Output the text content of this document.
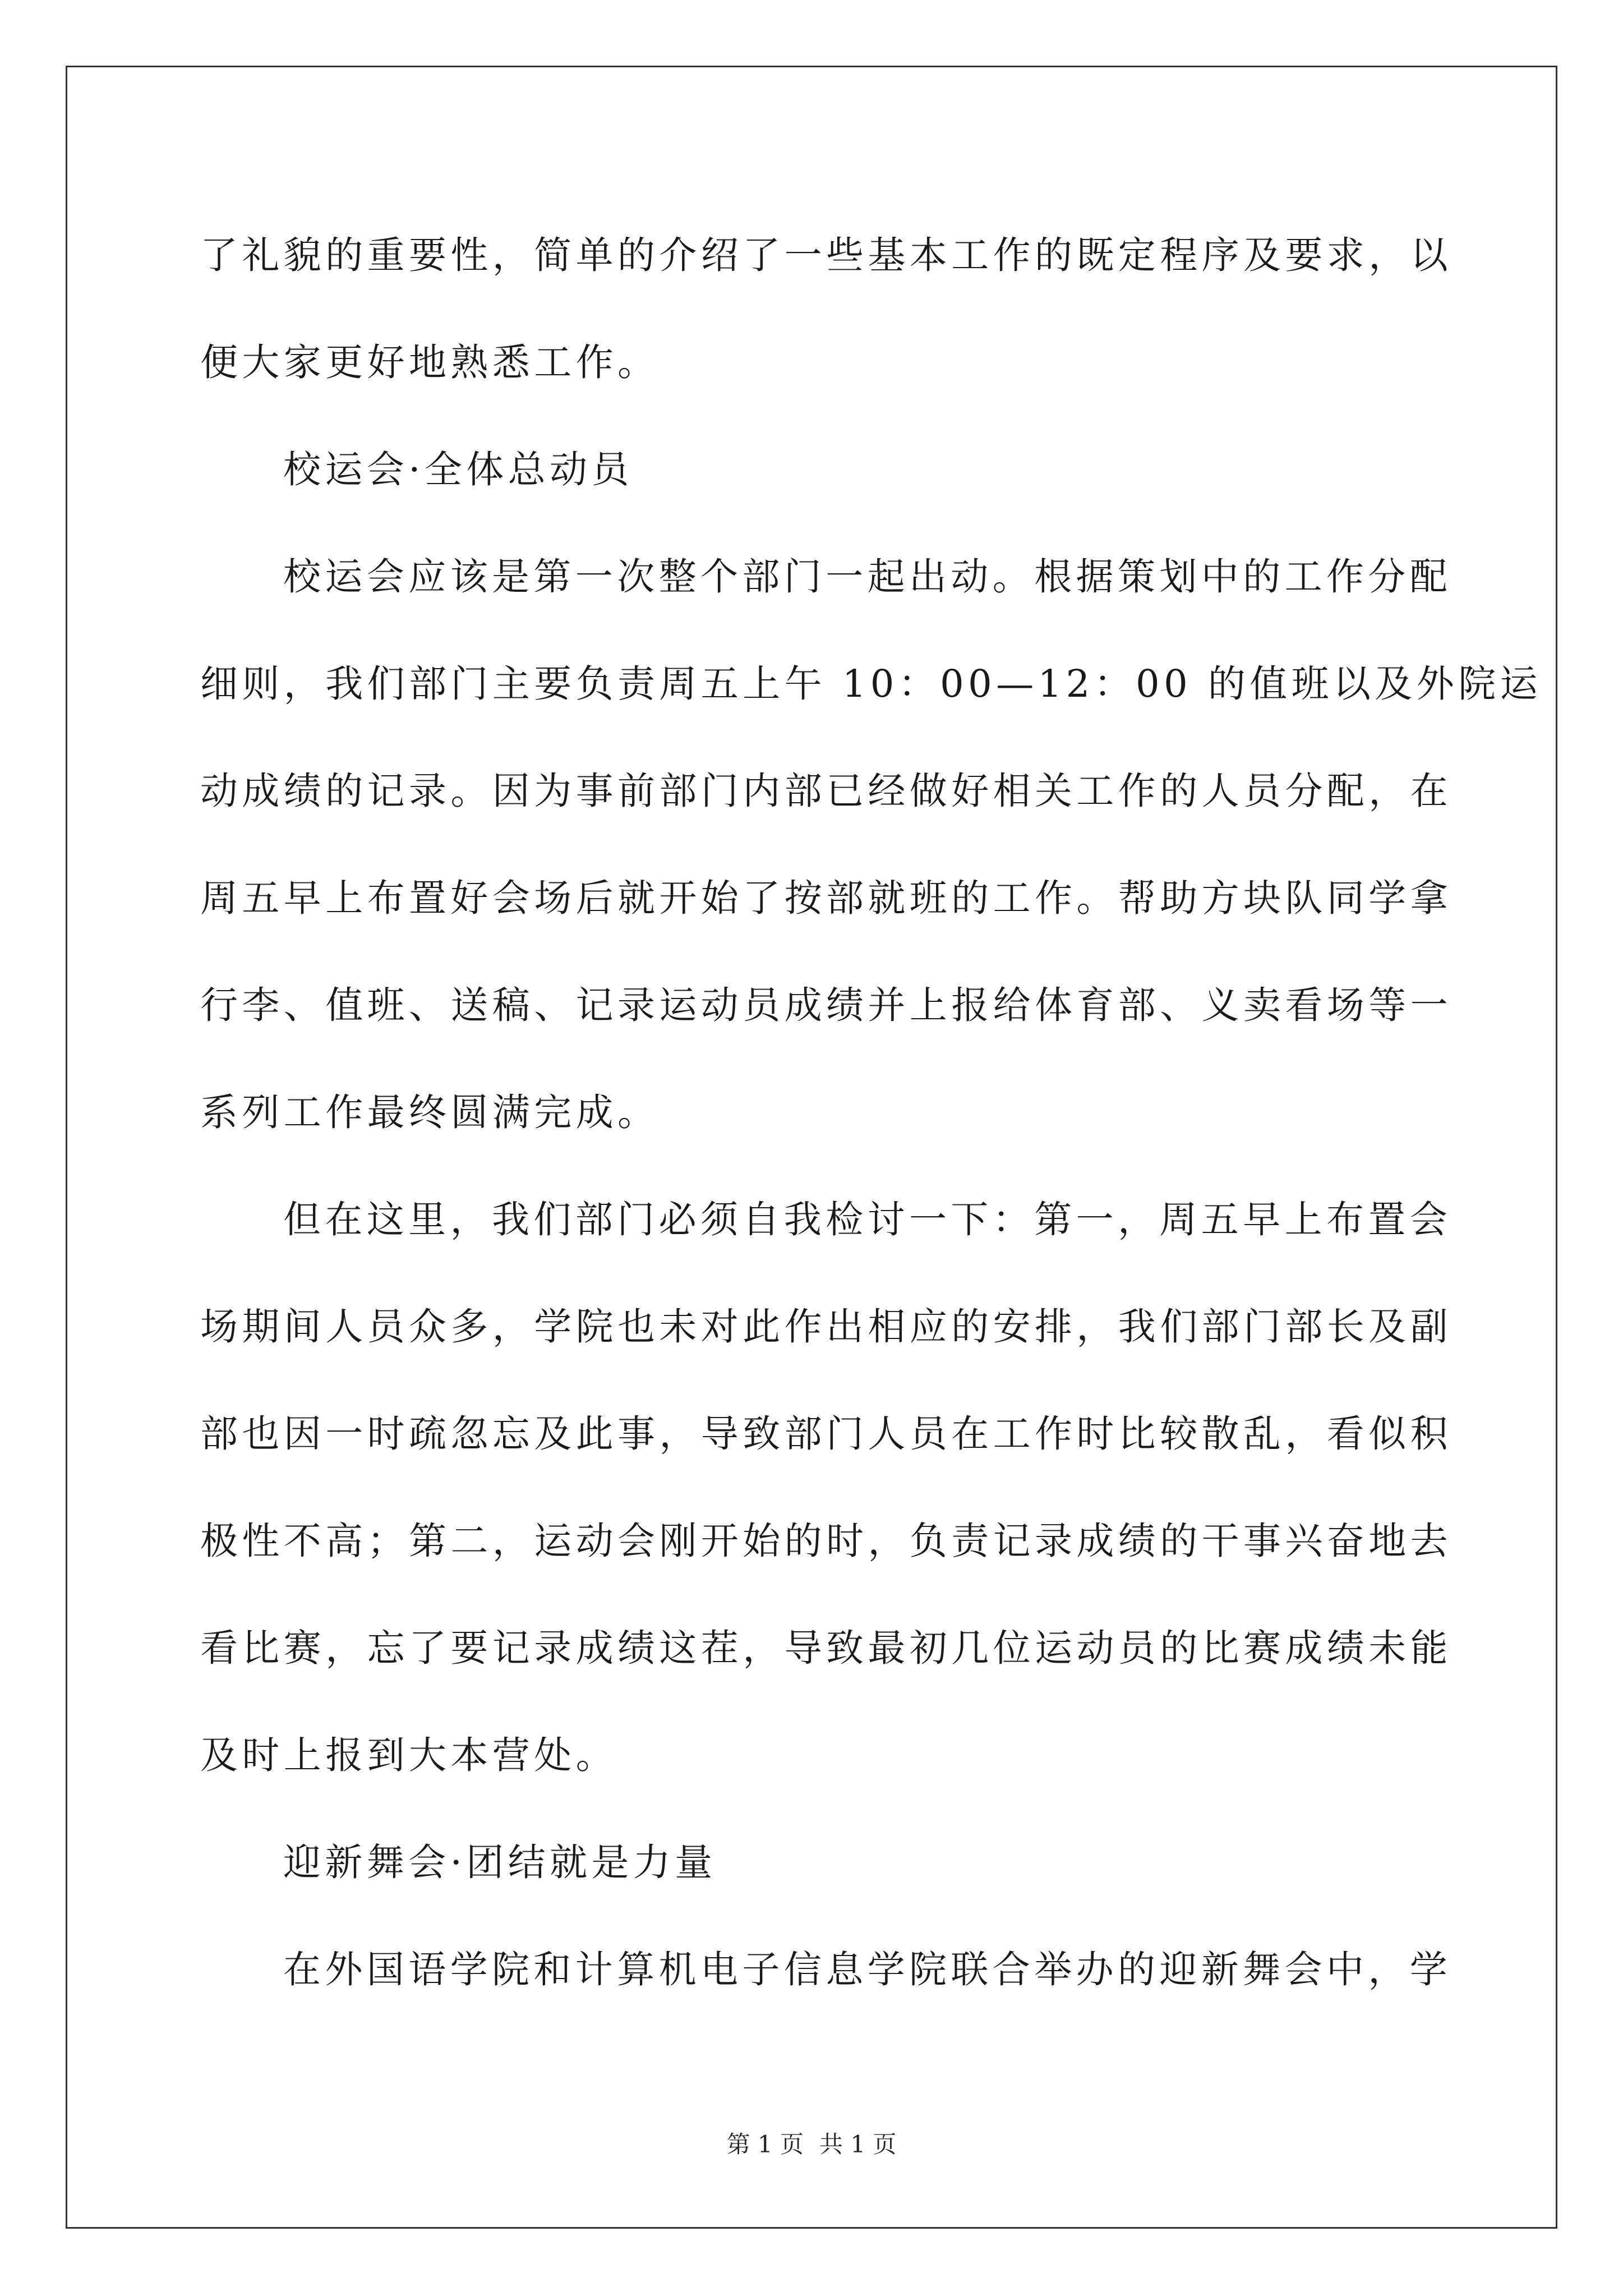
了礼貌的重要性，简单的介绍了一些基本工作的既定程序及要求，以
便大家更好地熟悉工作。
校运会·全体总动员
校运会应该是第一次整个部门一起出动。根据策划中的工作分配
细则，我们部门主要负责周五上午 10：00—12：00 的值班以及外院运
动成绩的记录。因为事前部门内部已经做好相关工作的人员分配，在
周五早上布置好会场后就开始了按部就班的工作。帮助方块队同学拿
行李、值班、送稿、记录运动员成绩并上报给体育部、义卖看场等一
系列工作最终圆满完成。
但在这里，我们部门必须自我检讨一下：第一，周五早上布置会
场期间人员众多，学院也未对此作出相应的安排，我们部门部长及副
部也因一时疏忽忘及此事，导致部门人员在工作时比较散乱，看似积
极性不高；第二，运动会刚开始的时，负责记录成绩的干事兴奋地去
看比赛，忘了要记录成绩这茬，导致最初几位运动员的比赛成绩未能
及时上报到大本营处。
迎新舞会·团结就是力量
在外国语学院和计算机电子信息学院联合举办的迎新舞会中，学
第 1 页 共 1 页
